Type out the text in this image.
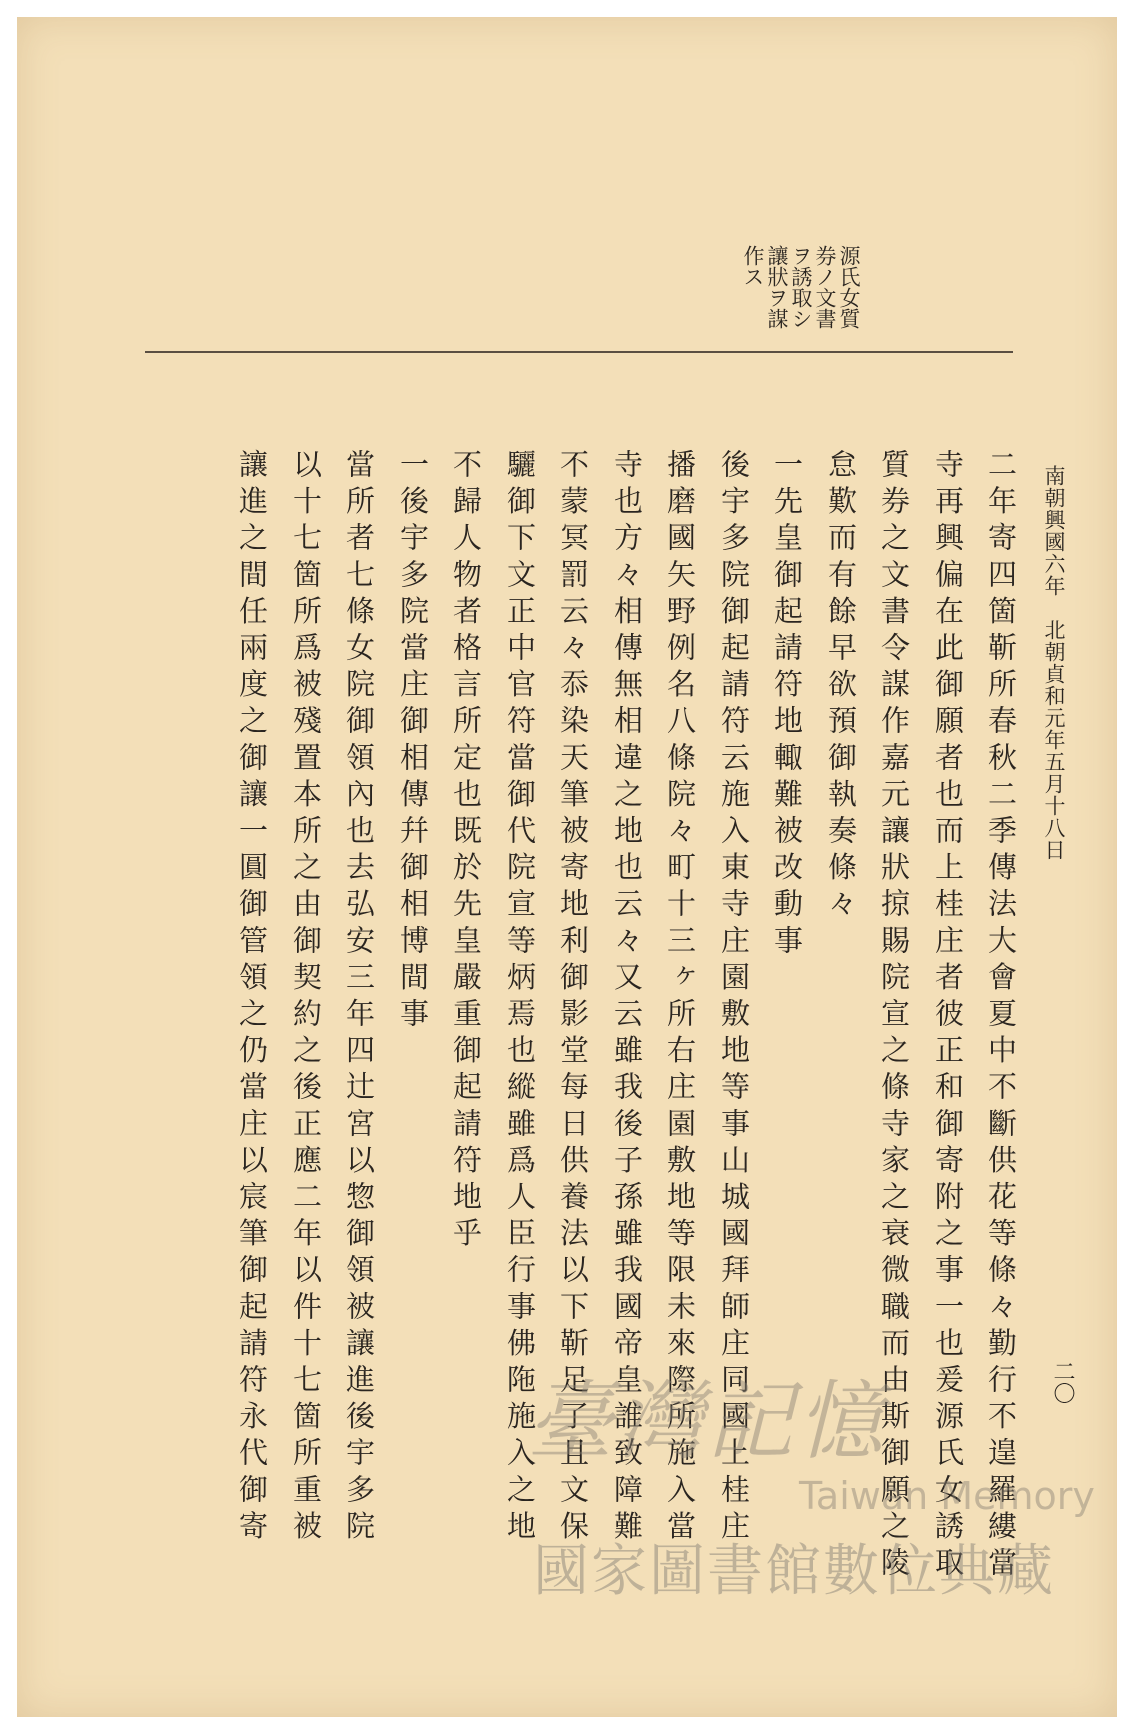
南朝興國六年　北朝貞和元年五月十八日
二〇
源氏女質
券ノ文書
ヲ誘取シ
讓狀ヲ謀
作ス
二年寄四箇靳所春秋二季傳法大會夏中不斷供花等條々勤行不遑羅縷當
寺再興偏在此御願者也而上桂庄者彼正和御寄附之事一也爰源氏女誘取
質券之文書令謀作嘉元讓狀掠賜院宣之條寺家之衰微職而由斯御願之陵
怠歎而有餘早欲預御執奏條々
一先皇御起請符地輙難被改動事
後宇多院御起請符云施入東寺庄園敷地等事山城國拜師庄同國上桂庄
播磨國矢野例名八條院々町十三ヶ所右庄園敷地等限未來際所施入當
寺也方々相傳無相違之地也云々又云雖我後子孫雖我國帝皇誰致障難
不蒙冥罰云々忝染天筆被寄地利御影堂每日供養法以下靳足了且文保
驪御下文正中官符當御代院宣等炳焉也縱雖爲人臣行事佛陁施入之地
不歸人物者格言所定也既於先皇嚴重御起請符地乎
一後宇多院當庄御相傳幷御相博間事
當所者七條女院御領內也去弘安三年四辻宮以惣御領被讓進後宇多院
以十七箇所爲被殘置本所之由御契約之後正應二年以件十七箇所重被
讓進之間任兩度之御讓一圓御管領之仍當庄以宸筆御起請符永代御寄	臺灣記憶
Taiwan Memory
國家圖書館數位典藏
